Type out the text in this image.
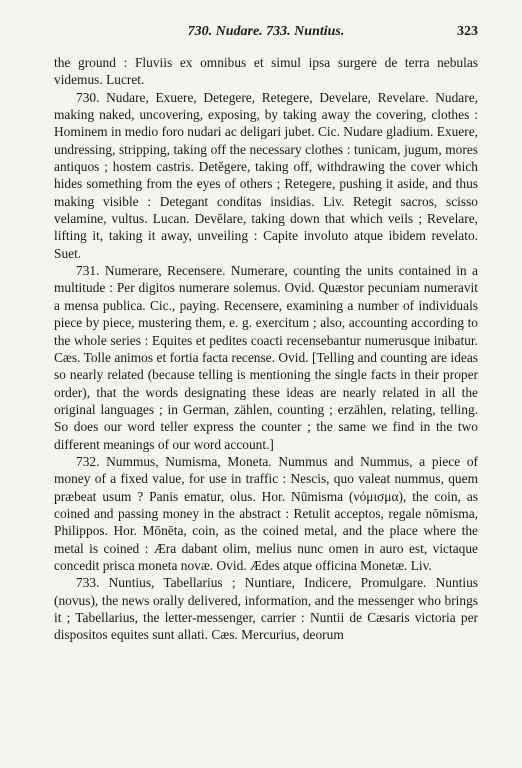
730. Nudare. 733. Nuntius.	323

the ground : Fluviis ex omnibus et simul ipsa surgere de terra nebulas videmus. Lucret.

730. Nudare, Exuere, Detegere, Retegere, Develare, Revelare. Nudare, making naked, uncovering, exposing, by taking away the covering, clothes : Hominem in medio foro nudari ac deligari jubet. Cic. Nudare gladium. Exuere, undressing, stripping, taking off the necessary clothes : tunicam, jugum, mores antiquos ; hostem castris. Detĕgere, taking off, withdrawing the cover which hides something from the eyes of others ; Retegere, pushing it aside, and thus making visible : Detegant conditas insidias. Liv. Retegit sacros, scisso velamine, vultus. Lucan. Devēlare, taking down that which veils ; Revelare, lifting it, taking it away, unveiling : Capite involuto atque ibidem revelato. Suet.

731. Numerare, Recensere. Numerare, counting the units contained in a multitude : Per digitos numerare solemus. Ovid. Quæstor pecuniam numeravit a mensa publica. Cic., paying. Recensere, examining a number of individuals piece by piece, mustering them, e. g. exercitum ; also, accounting according to the whole series : Equites et pedites coacti recensebantur numerusque inibatur. Cæs. Tolle animos et fortia facta recense. Ovid. [Telling and counting are ideas so nearly related (because telling is mentioning the single facts in their proper order), that the words designating these ideas are nearly related in all the original languages ; in German, zählen, counting ; erzählen, relating, telling. So does our word teller express the counter ; the same we find in the two different meanings of our word account.]

732. Nummus, Numisma, Moneta. Nummus and Nummus, a piece of money of a fixed value, for use in traffic : Nescis, quo valeat nummus, quem præbeat usum ? Panis ematur, olus. Hor. Nūmisma (νόμισμα), the coin, as coined and passing money in the abstract : Retulit acceptos, regale nōmisma, Philippos. Hor. Mōnēta, coin, as the coined metal, and the place where the metal is coined : Æra dabant olim, melius nunc omen in auro est, victaque concedit prisca moneta novæ. Ovid. Ædes atque officina Monetæ. Liv.

733. Nuntius, Tabellarius ; Nuntiare, Indicere, Promulgare. Nuntius (novus), the news orally delivered, information, and the messenger who brings it ; Tabellarius, the letter-messenger, carrier : Nuntii de Cæsaris victoria per dispositos equites sunt allati. Cæs. Mercurius, deorum
